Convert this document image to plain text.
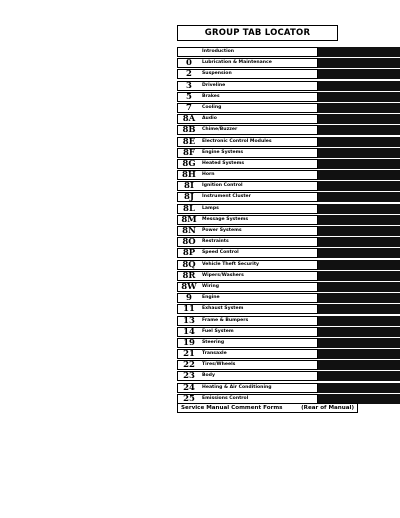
GROUP TAB LOCATOR
Introduction
0	Lubrication & Maintenance
2	Suspension
3	Driveline
5	Brakes
7	Cooling
8A	Audio
8B	Chime/Buzzer
8E	Electronic Control Modules
8F	Engine Systems
8G	Heated Systems
8H	Horn
8I	Ignition Control
8J	Instrument Cluster
8L	Lamps
8M	Message Systems
8N	Power Systems
8O	Restraints
8P	Speed Control
8Q	Vehicle Theft Security
8R	Wipers/Washers
8W	Wiring
9	Engine
11	Exhaust System
13	Frame & Bumpers
14	Fuel System
19	Steering
21	Transaxle
22	Tires/Wheels
23	Body
24	Heating & Air Conditioning
25	Emissions Control
Service Manual Comment Forms	(Rear of Manual)
